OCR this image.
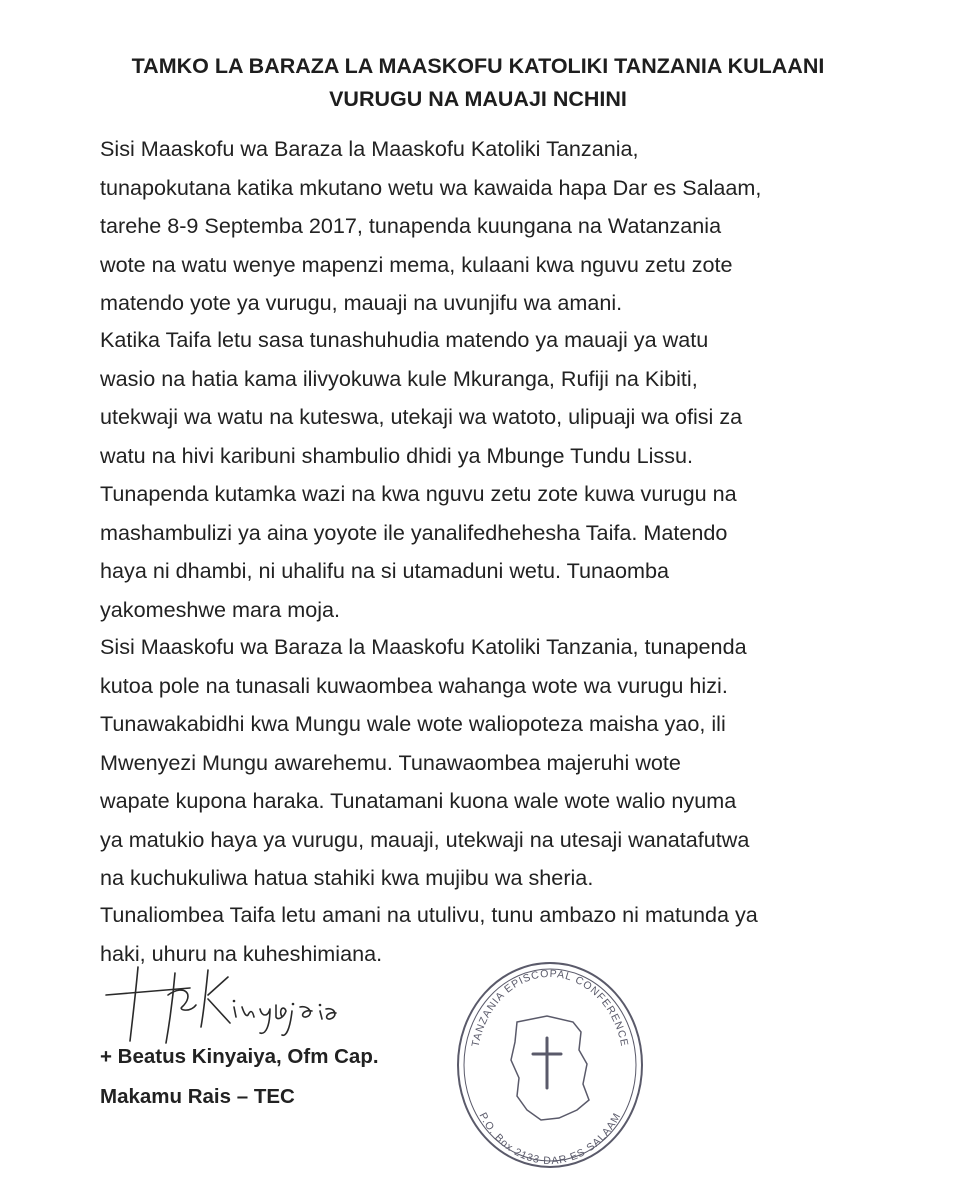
TAMKO LA BARAZA LA MAASKOFU KATOLIKI TANZANIA KULAANI
VURUGU NA MAUAJI NCHINI

Sisi Maaskofu wa Baraza la Maaskofu Katoliki Tanzania,
tunapokutana katika mkutano wetu wa kawaida hapa Dar es Salaam,
tarehe 8-9 Septemba 2017, tunapenda kuungana na Watanzania
wote na watu wenye mapenzi mema, kulaani kwa nguvu zetu zote
matendo yote ya vurugu, mauaji na uvunjifu wa amani.

Katika Taifa letu sasa tunashuhudia matendo ya mauaji ya watu
wasio na hatia kama ilivyokuwa kule Mkuranga, Rufiji na Kibiti,
utekwaji wa watu na kuteswa, utekaji wa watoto, ulipuaji wa ofisi za
watu na hivi karibuni shambulio dhidi ya Mbunge Tundu Lissu.

Tunapenda kutamka wazi na kwa nguvu zetu zote kuwa vurugu na
mashambulizi ya aina yoyote ile yanalifedhehesha Taifa. Matendo
haya ni dhambi, ni uhalifu na si utamaduni wetu. Tunaomba
yakomeshwe mara moja.

Sisi Maaskofu wa Baraza la Maaskofu Katoliki Tanzania, tunapenda
kutoa pole na tunasali kuwaombea wahanga wote wa vurugu hizi.
Tunawakabidhi kwa Mungu wale wote waliopoteza maisha yao, ili
Mwenyezi Mungu awarehemu. Tunawaombea majeruhi wote
wapate kupona haraka. Tunatamani kuona wale wote walio nyuma
ya matukio haya ya vurugu, mauaji, utekwaji na utesaji wanatafutwa
na kuchukuliwa hatua stahiki kwa mujibu wa sheria.

Tunaliombea Taifa letu amani na utulivu, tunu ambazo ni matunda ya
haki, uhuru na kuheshimiana.

+ Beatus Kinyaiya, Ofm Cap.

Makamu Rais – TEC

TANZANIA EPISCOPAL CONFERENCE
P.O. Box 2133 DAR ES SALAAM
